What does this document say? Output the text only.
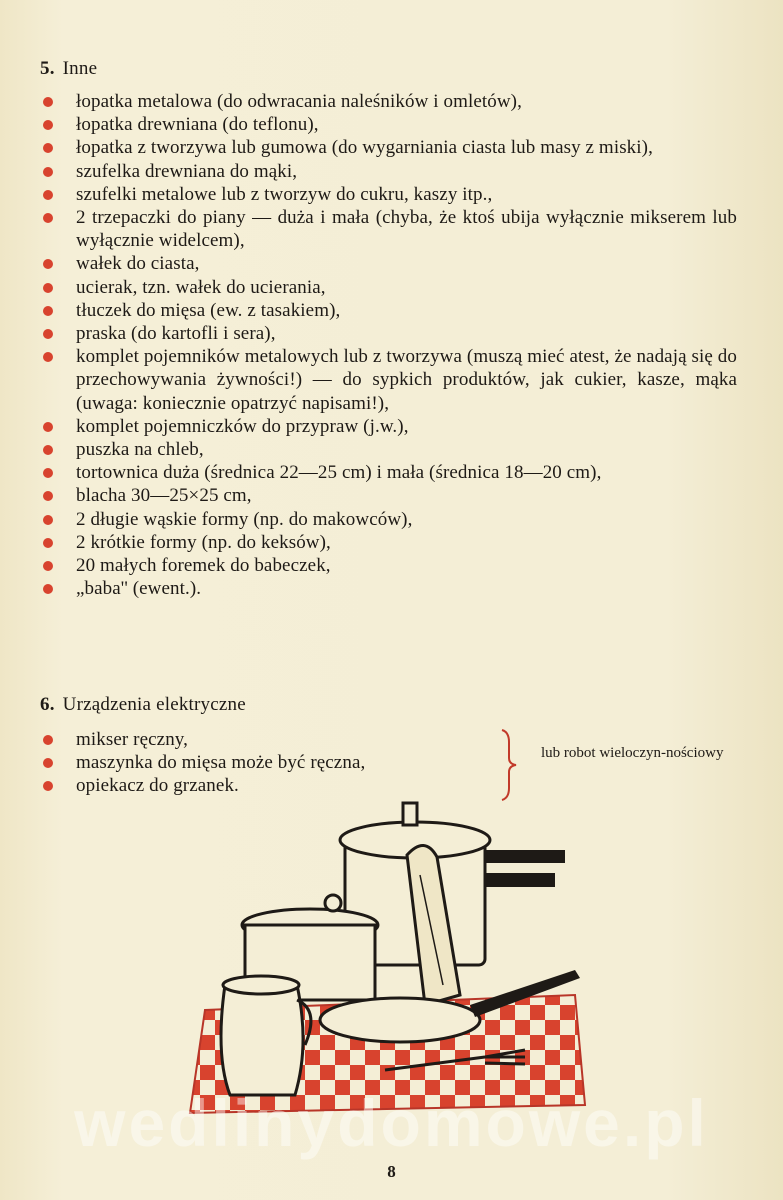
5. Inne
łopatka metalowa (do odwracania naleśników i omletów),
łopatka drewniana (do teflonu),
łopatka z tworzywa lub gumowa (do wygarniania ciasta lub masy z miski),
szufelka drewniana do mąki,
szufelki metalowe lub z tworzyw do cukru, kaszy itp.,
2 trzepaczki do piany — duża i mała (chyba, że ktoś ubija wyłącznie mikserem lub wyłącznie widelcem),
wałek do ciasta,
ucierak, tzn. wałek do ucierania,
tłuczek do mięsa (ew. z tasakiem),
praska (do kartofli i sera),
komplet pojemników metalowych lub z tworzywa (muszą mieć atest, że nadają się do przechowywania żywności!) — do sypkich produktów, jak cukier, kasze, mąka (uwaga: koniecznie opatrzyć napisami!),
komplet pojemniczków do przypraw (j.w.),
puszka na chleb,
tortownica duża (średnica 22—25 cm) i mała (średnica 18—20 cm),
blacha 30—25×25 cm,
2 długie wąskie formy (np. do makowców),
2 krótkie formy (np. do keksów),
20 małych foremek do babeczek,
„baba'' (ewent.).
6. Urządzenia elektryczne
mikser ręczny,
maszynka do mięsa może być ręczna,
opiekacz do grzanek.
lub robot wieloczyn-nościowy
wedlinydomowe.pl
8
